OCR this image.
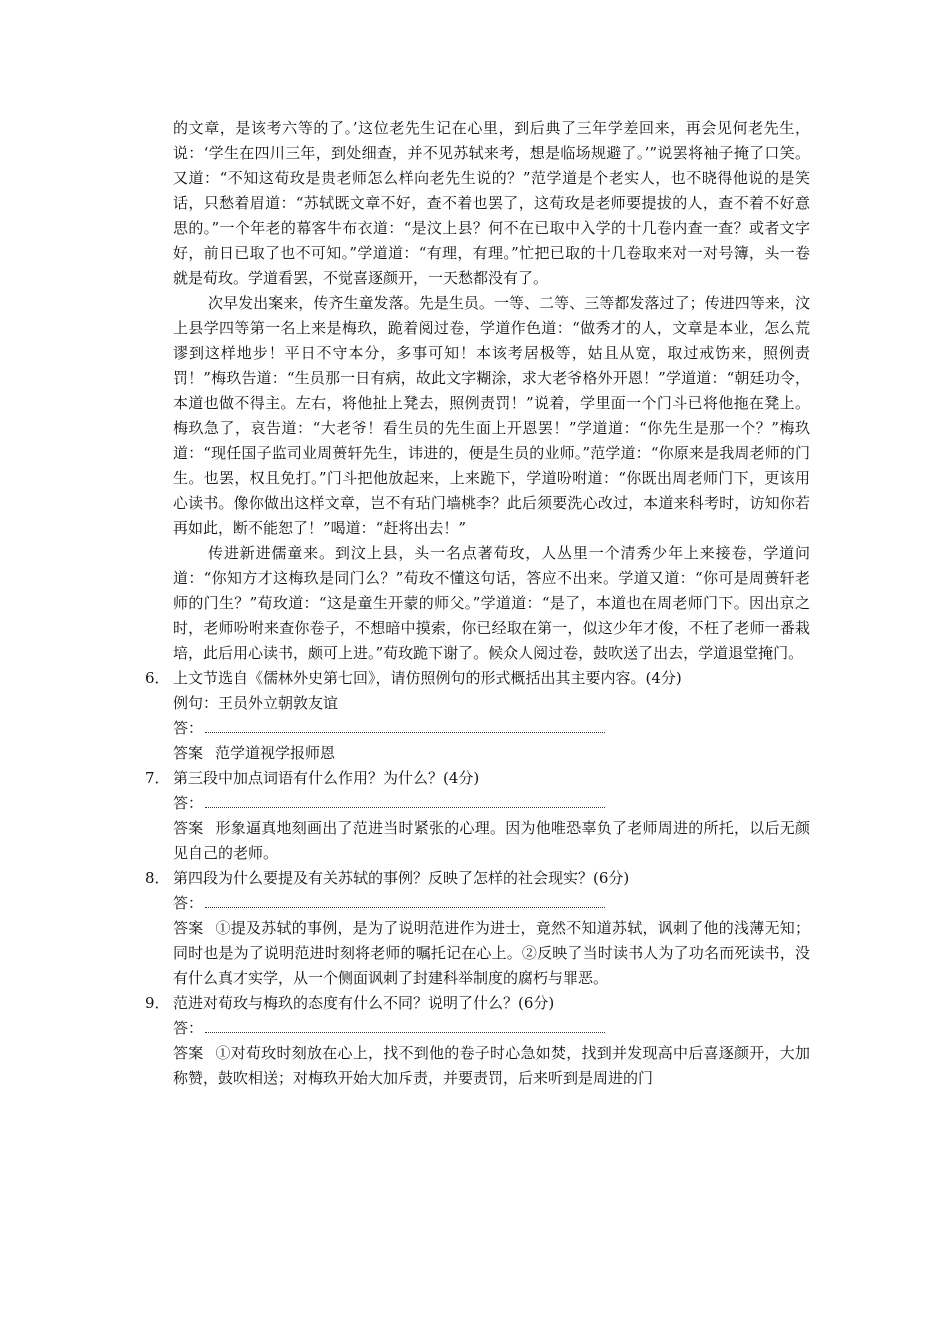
的文章，是该考六等的了。’这位老先生记在心里，到后典了三年学差回来，再会见何老先生，说：‘学生在四川三年，到处细查，并不见苏轼来考，想是临场规避了。’”说罢将袖子掩了口笑。又道：“不知这荀玫是贵老师怎么样向老先生说的？”范学道是个老实人，也不晓得他说的是笑话，只愁着眉道：“苏轼既文章不好，查不着也罢了，这荀玫是老师要提拔的人，查不着不好意思的。”一个年老的幕客牛布衣道：“是汶上县？何不在已取中入学的十几卷内查一查？或者文字好，前日已取了也不可知。”学道道：“有理，有理。”忙把已取的十几卷取来对一对号簿，头一卷就是荀玫。学道看罢，不觉喜逐颜开，一天愁都没有了。

次早发出案来，传齐生童发落。先是生员。一等、二等、三等都发落过了；传进四等来，汶上县学四等第一名上来是梅玖，跪着阅过卷，学道作色道：“做秀才的人，文章是本业，怎么荒谬到这样地步！平日不守本分，多事可知！本该考居极等，姑且从宽，取过戒饬来，照例责罚！”梅玖告道：“生员那一日有病，故此文字糊涂，求大老爷格外开恩！”学道道：“朝廷功令，本道也做不得主。左右，将他扯上凳去，照例责罚！”说着，学里面一个门斗已将他拖在凳上。梅玖急了，哀告道：“大老爷！看生员的先生面上开恩罢！”学道道：“你先生是那一个？”梅玖道：“现任国子监司业周蒉轩先生，讳进的，便是生员的业师。”范学道：“你原来是我周老师的门生。也罢，权且免打。”门斗把他放起来，上来跪下，学道吩咐道：“你既出周老师门下，更该用心读书。像你做出这样文章，岂不有玷门墙桃李？此后须要洗心改过，本道来科考时，访知你若再如此，断不能恕了！”喝道：“赶将出去！”

传进新进儒童来。到汶上县，头一名点著荀玫，人丛里一个清秀少年上来接卷，学道问道：“你知方才这梅玖是同门么？”荀玫不懂这句话，答应不出来。学道又道：“你可是周蒉轩老师的门生？”荀玫道：“这是童生开蒙的师父。”学道道：“是了，本道也在周老师门下。因出京之时，老师吩咐来查你卷子，不想暗中摸索，你已经取在第一，似这少年才俊，不枉了老师一番栽培，此后用心读书，颇可上进。”荀玫跪下谢了。候众人阅过卷，鼓吹送了出去，学道退堂掩门。

6． 上文节选自《儒林外史第七回》，请仿照例句的形式概括出其主要内容。(4分)
例句：王员外立朝敦友谊
答：
答案 范学道视学报师恩
7． 第三段中加点词语有什么作用？为什么？(4分)
答：
答案 形象逼真地刻画出了范进当时紧张的心理。因为他唯恐辜负了老师周进的所托，以后无颜见自己的老师。
8． 第四段为什么要提及有关苏轼的事例？反映了怎样的社会现实？(6分)
答：
答案 ①提及苏轼的事例，是为了说明范进作为进士，竟然不知道苏轼，讽刺了他的浅薄无知；同时也是为了说明范进时刻将老师的嘱托记在心上。②反映了当时读书人为了功名而死读书，没有什么真才实学，从一个侧面讽刺了封建科举制度的腐朽与罪恶。
9． 范进对荀玫与梅玖的态度有什么不同？说明了什么？(6分)
答：
答案 ①对荀玫时刻放在心上，找不到他的卷子时心急如焚，找到并发现高中后喜逐颜开，大加称赞，鼓吹相送；对梅玖开始大加斥责，并要责罚，后来听到是周进的门
